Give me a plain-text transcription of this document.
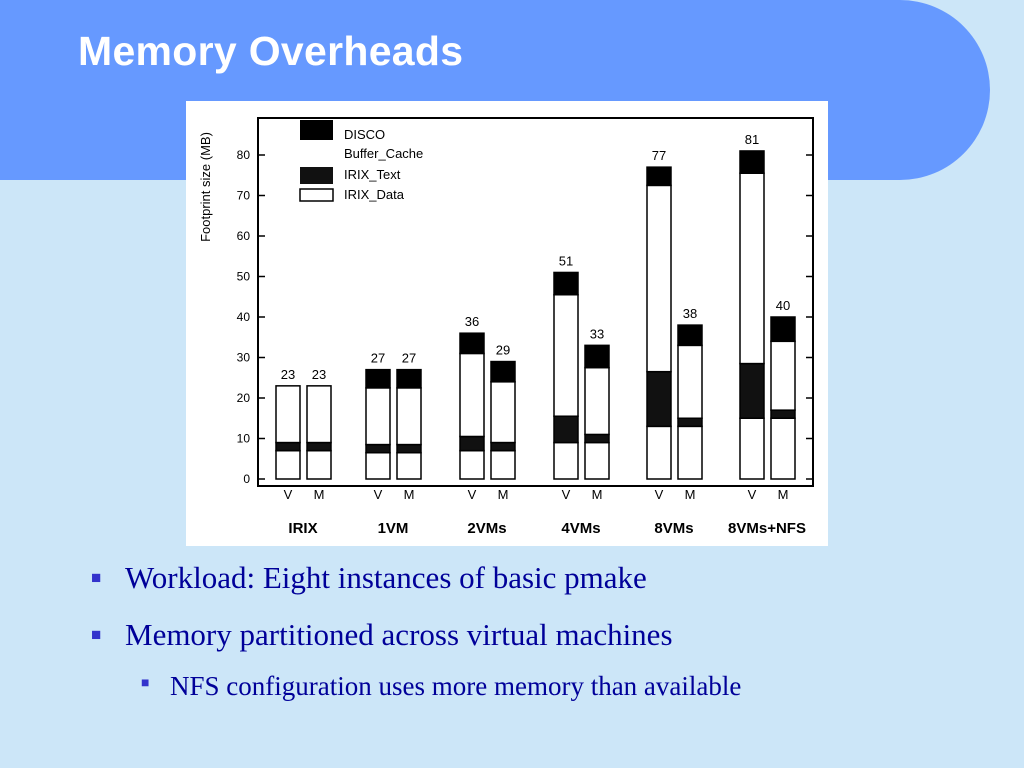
Memory Overheads
Footprint size (MB)
0
10
20
30
40
50
60
70
80
DISCO
Buffer_Cache
IRIX_Text
IRIX_Data
23 23
27 27
36
29
51
33
77
38
81
40
V M
IRIX
V M
1VM
V M
2VMs
V M
4VMs
V M
8VMs
V M
8VMs+NFS
■ Workload: Eight instances of basic pmake
■ Memory partitioned across virtual machines
■ NFS configuration uses more memory than available
